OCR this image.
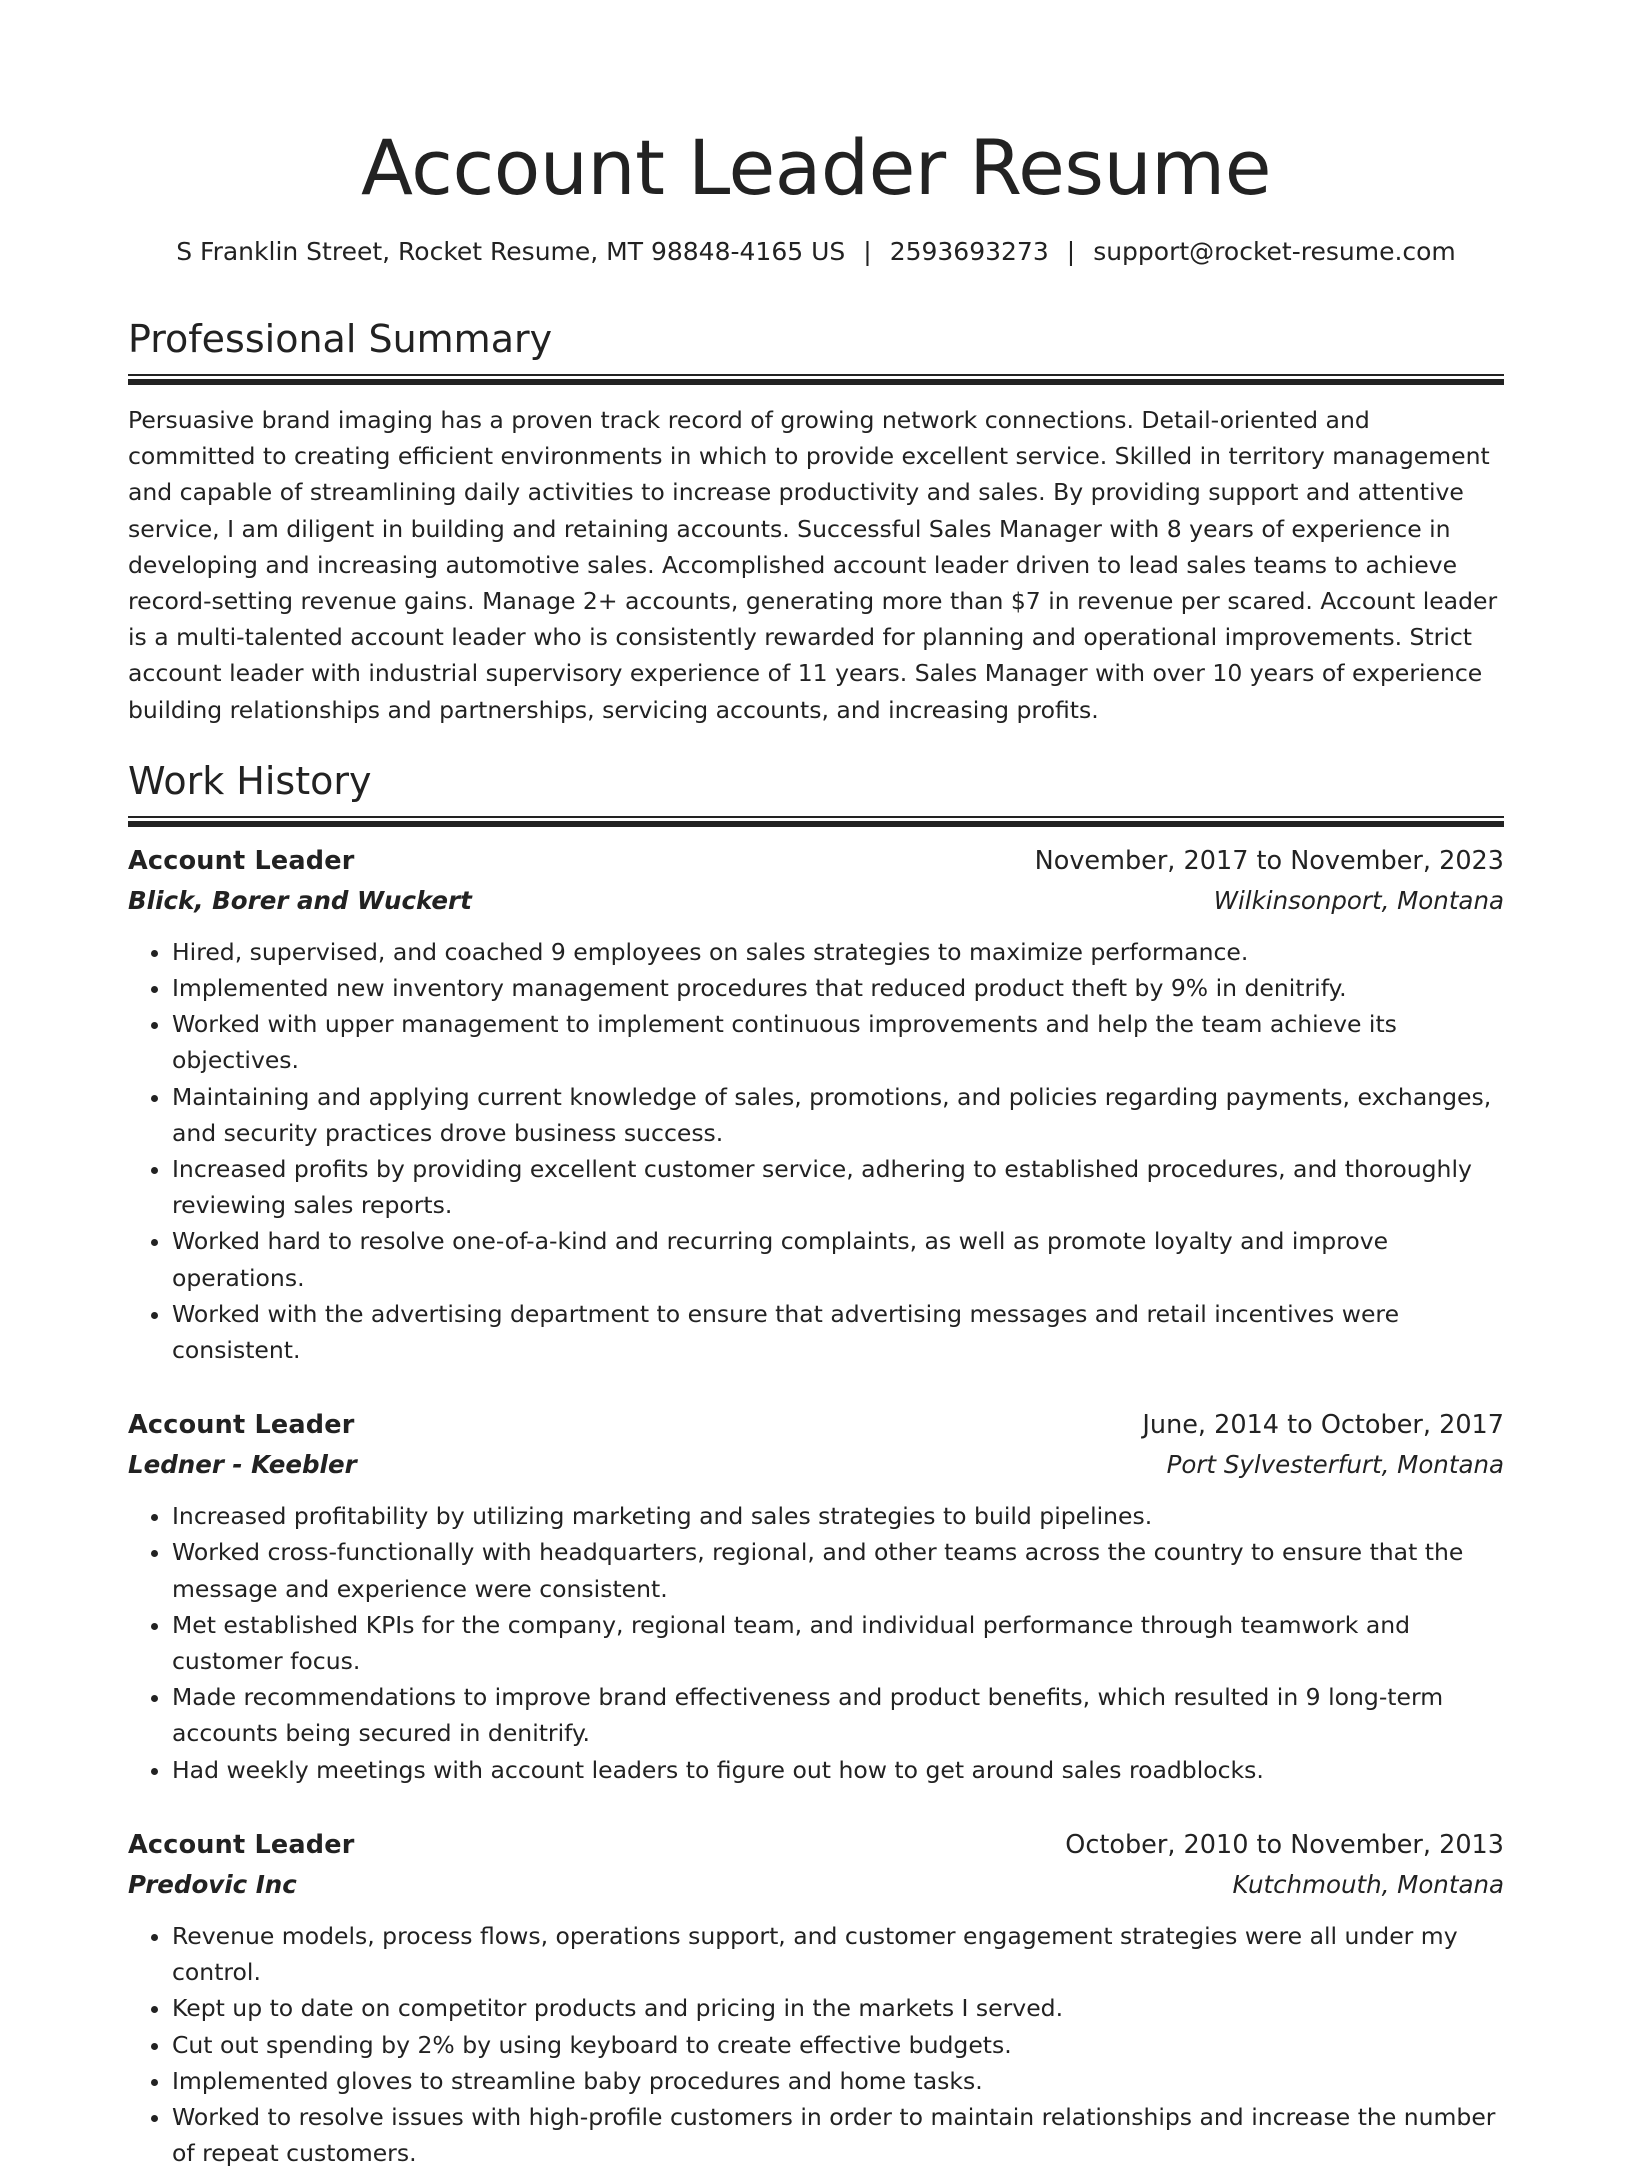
Account Leader Resume
S Franklin Street, Rocket Resume, MT 98848-4165 US | 2593693273 | support@rocket-resume.com
Professional Summary

Persuasive brand imaging has a proven track record of growing network connections. Detail-oriented and committed to creating efficient environments in which to provide excellent service. Skilled in territory management and capable of streamlining daily activities to increase productivity and sales. By providing support and attentive service, I am diligent in building and retaining accounts. Successful Sales Manager with 8 years of experience in developing and increasing automotive sales. Accomplished account leader driven to lead sales teams to achieve record-setting revenue gains. Manage 2+ accounts, generating more than $7 in revenue per scared. Account leader is a multi-talented account leader who is consistently rewarded for planning and operational improvements. Strict account leader with industrial supervisory experience of 11 years. Sales Manager with over 10 years of experience building relationships and partnerships, servicing accounts, and increasing profits.

Work History
Account Leader	November, 2017 to November, 2023
Blick, Borer and Wuckert	Wilkinsonport, Montana
• Hired, supervised, and coached 9 employees on sales strategies to maximize performance.
• Implemented new inventory management procedures that reduced product theft by 9% in denitrify.
• Worked with upper management to implement continuous improvements and help the team achieve its objectives.
• Maintaining and applying current knowledge of sales, promotions, and policies regarding payments, exchanges, and security practices drove business success.
• Increased profits by providing excellent customer service, adhering to established procedures, and thoroughly reviewing sales reports.
• Worked hard to resolve one-of-a-kind and recurring complaints, as well as promote loyalty and improve operations.
• Worked with the advertising department to ensure that advertising messages and retail incentives were consistent.
Account Leader	June, 2014 to October, 2017
Ledner - Keebler	Port Sylvesterfurt, Montana
• Increased profitability by utilizing marketing and sales strategies to build pipelines.
• Worked cross-functionally with headquarters, regional, and other teams across the country to ensure that the message and experience were consistent.
• Met established KPIs for the company, regional team, and individual performance through teamwork and customer focus.
• Made recommendations to improve brand effectiveness and product benefits, which resulted in 9 long-term accounts being secured in denitrify.
• Had weekly meetings with account leaders to figure out how to get around sales roadblocks.
Account Leader	October, 2010 to November, 2013
Predovic Inc	Kutchmouth, Montana
• Revenue models, process flows, operations support, and customer engagement strategies were all under my control.
• Kept up to date on competitor products and pricing in the markets I served.
• Cut out spending by 2% by using keyboard to create effective budgets.
• Implemented gloves to streamline baby procedures and home tasks.
• Worked to resolve issues with high-profile customers in order to maintain relationships and increase the number of repeat customers.
